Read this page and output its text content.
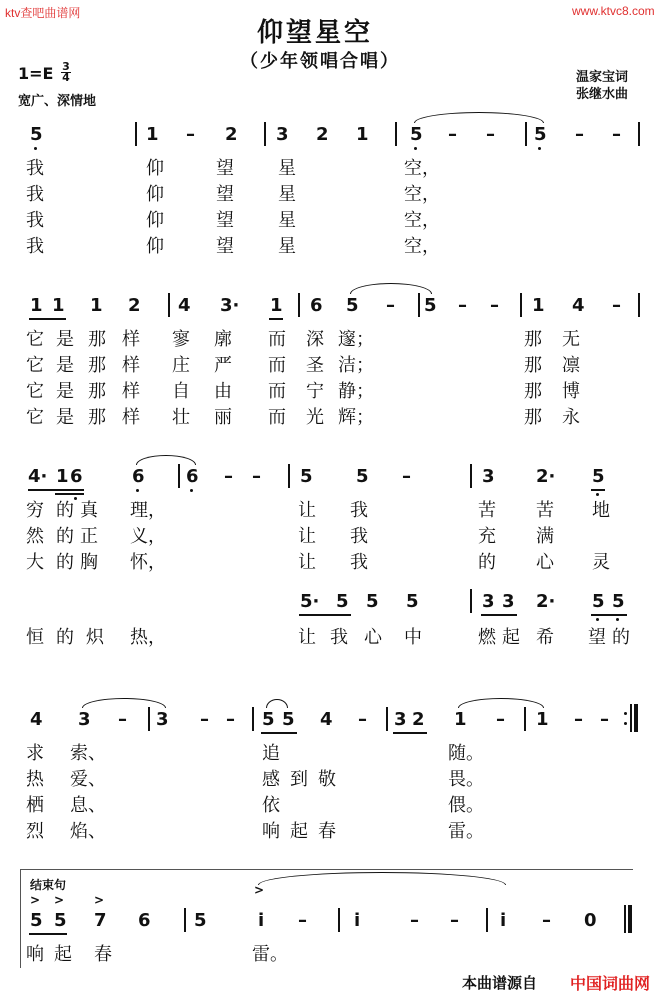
ktv查吧曲谱网	www.ktvc8.com
仰望星空
（少年领唱合唱）
$1=E \frac{3}{4}$
宽广、深情地
温家宝词
张继水曲
5	1 – 2 3 2 1 5 – – 5 – –
我	仰	望 星	空，
我	仰	望 星	空，
我	仰	望 星	空，
我	仰	望 星	空，
1 1 1 2 4 3· 1 6 5 – 5 – – 1 4 –
它 是 那 样 寥 廓 而 深 邃；	那 无
它 是 那 样 庄 严 而 圣 洁；	那 凛
它 是 那 样 自 由 而 宁 静；	那 博
它 是 那 样 壮 丽 而 光 辉；	那 永
4· 1 6	6 6 – – 5 5 –	3 2· 5
穷 的 真 理，	让 我	苦 苦 地
然 的 正 义，	让 我	充 满
大 的 胸 怀，	让 我	的 心 灵
5· 5 5 5	3 3 2· 5 5
恒 的 炽 热，	让 我 心 中	燃 起 希 望 的
4 3 – 3 – – 5 5 4 – 3 2 1 – 1 – –
求 索、	追	随。
热 爱、	感 到 敬	畏。
栖 息、	依	偎。
烈 焰、	响 起 春	雷。
结束句
> > >
>
5 5 7 6 5	i –	i	– – i – 0
响 起 春	雷。
本曲谱源自 中国词曲网
